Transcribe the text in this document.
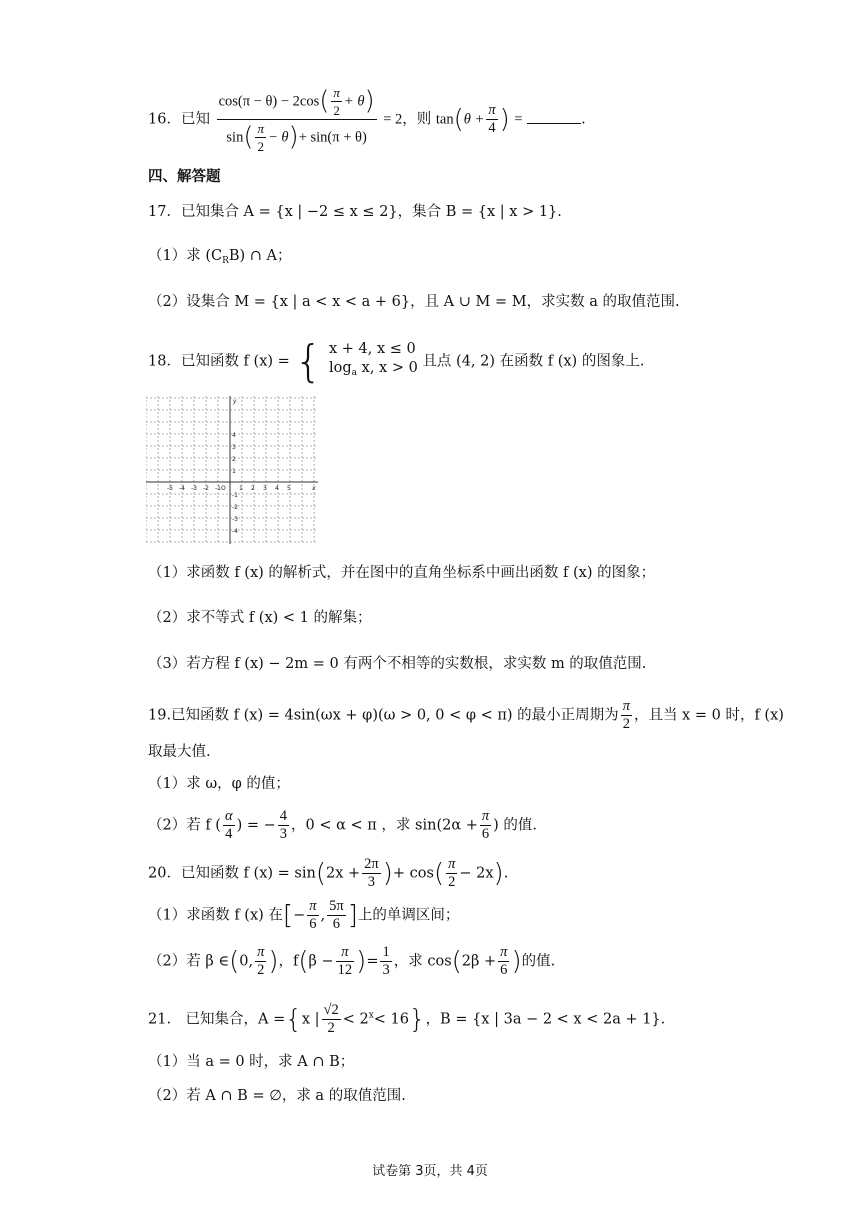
16．已知 $\frac{\cos(\pi - \theta) - 2\cos( \frac{\pi}{2} + \theta)}{\sin( \frac{\pi}{2} - \theta)+ \sin(\pi + \theta)} = 2$，则 $\tan(\theta + \frac{\pi}{4}$ ) =	.
四、解答题
17．已知集合 A = {x | −2 ≤ x ≤ 2}，集合 B = {x | x > 1}.
（1）求 $(C_RB)$ ∩ A；
（2）设集合 M = {x | a < x < a + 6}，且 A ∪ M = M，求实数 a 的取值范围.
18．已知函数 f (x) = { x + 4, x ≤ 0
$\log_a x$, x > 0 且点 (4, 2) 在函数 f (x) 的图象上.
-5 -4 -3 -2 -1 O 1 2 3 4 5
4
3
2
1
-1
-2
-3
-4
x
y
（1）求函数 f (x) 的解析式，并在图中的直角坐标系中画出函数 f (x) 的图象；
（2）求不等式 f (x) < 1 的解集；
（3）若方程 f (x) − 2m = 0 有两个不相等的实数根，求实数 m 的取值范围.
19.已知函数 f (x) = 4sin(ωx + φ)(ω > 0, 0 < φ < π) 的最小正周期为 $\frac{\pi}{2}$ ，且当 x = 0 时，f (x)
取最大值.
（1）求 ω，φ 的值；
（2）若 f ( $\frac{\alpha}{4}$ ) = − $\frac{4}{3}$ ，0 < α < π ，求 $\sin(2\alpha + \frac{\pi}{6}$ ) 的值.
20．已知函数 f $(x) = \sin(2x + \frac{2\pi}{3}$ )+ $\cos( \frac{\pi}{2} - 2x)$.
（1）求函数 f (x) 在[− $\frac{\pi}{6}$ , $\frac{5\pi}{6}$ ]上的单调区间；
（2）若 β ∈(0, $\frac{\pi}{2}$ )，$f(\beta - \frac{\pi}{12}$ )= $\frac{1}{3}$ ，求 $\cos(2\beta + \frac{\pi}{6}$ )的值.
21.　已知集合，A ={x | $\frac{√2}{2} < 2^x< 16$}，B = {x | 3a − 2 < x < 2a + 1}.
（1）当 a = 0 时，求 A ∩ B；
（2）若 A ∩ B = ∅，求 a 的取值范围.
试卷第 3页，共 4页
